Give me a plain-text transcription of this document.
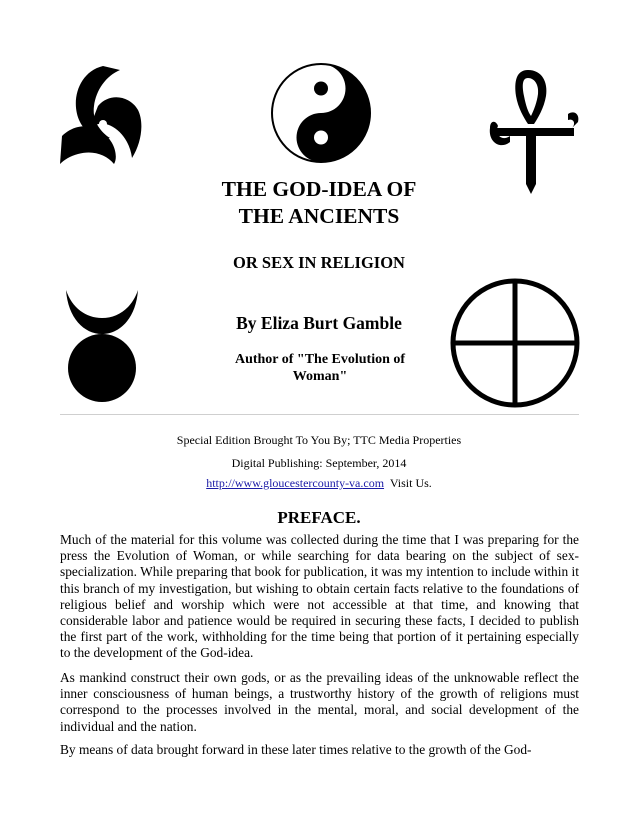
THE GOD-IDEA OF
THE ANCIENTS
OR SEX IN RELIGION
By Eliza Burt Gamble
Author of "The Evolution of Woman"
Special Edition Brought To You By; TTC Media Properties
Digital Publishing: September, 2014
http://www.gloucestercounty-va.com  Visit Us.
PREFACE.

Much of the material for this volume was collected during the time that I was preparing for the press the Evolution of Woman, or while searching for data bearing on the subject of sex-specialization. While preparing that book for publication, it was my intention to include within it this branch of my investigation, but wishing to obtain certain facts relative to the foundations of religious belief and worship which were not accessible at that time, and knowing that considerable labor and patience would be required in securing these facts, I decided to publish the first part of the work, withholding for the time being that portion of it pertaining especially to the development of the God-idea.

As mankind construct their own gods, or as the prevailing ideas of the unknowable reflect the inner consciousness of human beings, a trustworthy history of the growth of religions must correspond to the processes involved in the mental, moral, and social development of the individual and the nation.

By means of data brought forward in these later times relative to the growth of the God-
